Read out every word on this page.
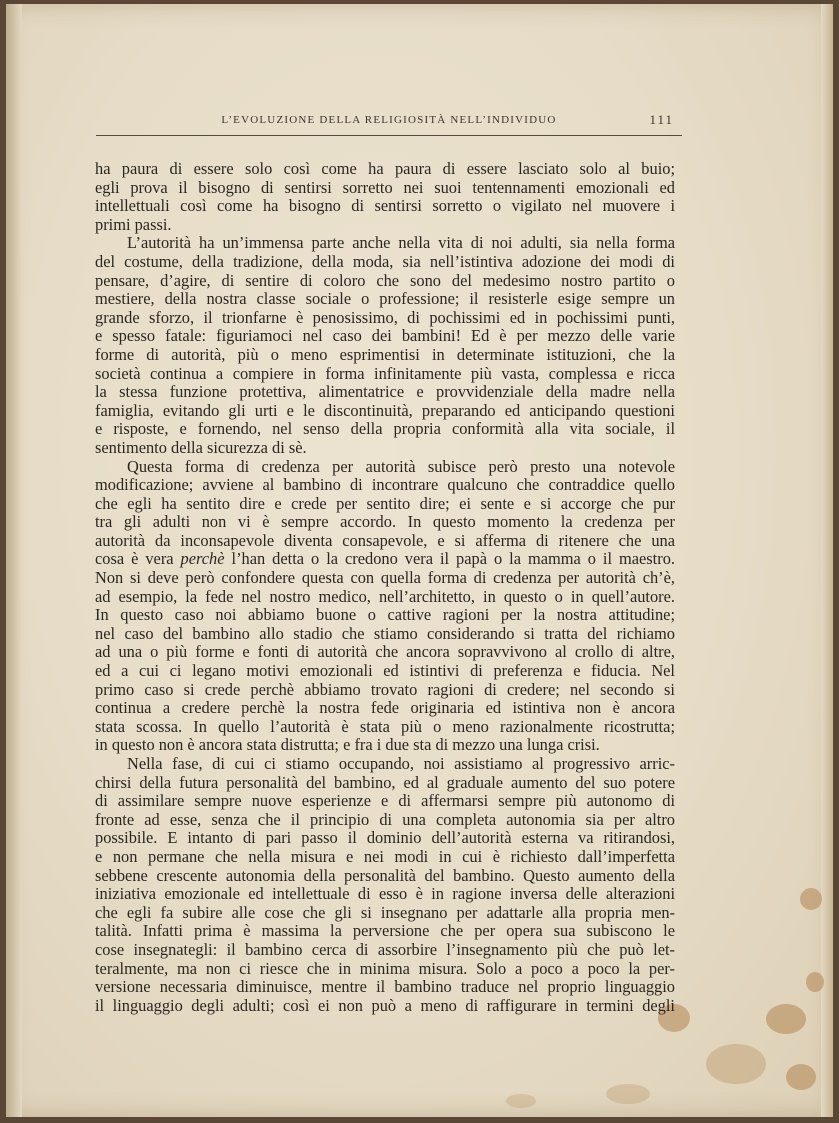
L’EVOLUZIONE DELLA RELIGIOSITÀ NELL’INDIVIDUO	111
ha paura di essere solo così come ha paura di essere lasciato solo al buio;
egli prova il bisogno di sentirsi sorretto nei suoi tentennamenti emozionali ed
intellettuali così come ha bisogno di sentirsi sorretto o vigilato nel muovere i
primi passi.
L’autorità ha un’immensa parte anche nella vita di noi adulti, sia nella forma
del costume, della tradizione, della moda, sia nell’istintiva adozione dei modi di
pensare, d’agire, di sentire di coloro che sono del medesimo nostro partito o
mestiere, della nostra classe sociale o professione; il resisterle esige sempre un
grande sforzo, il trionfarne è penosissimo, di pochissimi ed in pochissimi punti,
e spesso fatale: figuriamoci nel caso dei bambini! Ed è per mezzo delle varie
forme di autorità, più o meno esprimentisi in determinate istituzioni, che la
società continua a compiere in forma infinitamente più vasta, complessa e ricca
la stessa funzione protettiva, alimentatrice e provvidenziale della madre nella
famiglia, evitando gli urti e le discontinuità, preparando ed anticipando questioni
e risposte, e fornendo, nel senso della propria conformità alla vita sociale, il
sentimento della sicurezza di sè.
Questa forma di credenza per autorità subisce però presto una notevole
modificazione; avviene al bambino di incontrare qualcuno che contraddice quello
che egli ha sentito dire e crede per sentito dire; ei sente e si accorge che pur
tra gli adulti non vi è sempre accordo. In questo momento la credenza per
autorità da inconsapevole diventa consapevole, e si afferma di ritenere che una
cosa è vera perchè l’han detta o la credono vera il papà o la mamma o il maestro.
Non si deve però confondere questa con quella forma di credenza per autorità ch’è,
ad esempio, la fede nel nostro medico, nell’architetto, in questo o in quell’autore.
In questo caso noi abbiamo buone o cattive ragioni per la nostra attitudine;
nel caso del bambino allo stadio che stiamo considerando si tratta del richiamo
ad una o più forme e fonti di autorità che ancora sopravvivono al crollo di altre,
ed a cui ci legano motivi emozionali ed istintivi di preferenza e fiducia. Nel
primo caso si crede perchè abbiamo trovato ragioni di credere; nel secondo si
continua a credere perchè la nostra fede originaria ed istintiva non è ancora
stata scossa. In quello l’autorità è stata più o meno razionalmente ricostrutta;
in questo non è ancora stata distrutta; e fra i due sta di mezzo una lunga crisi.
Nella fase, di cui ci stiamo occupando, noi assistiamo al progressivo arric-
chirsi della futura personalità del bambino, ed al graduale aumento del suo potere
di assimilare sempre nuove esperienze e di affermarsi sempre più autonomo di
fronte ad esse, senza che il principio di una completa autonomia sia per altro
possibile. E intanto di pari passo il dominio dell’autorità esterna va ritirandosi,
e non permane che nella misura e nei modi in cui è richiesto dall’imperfetta
sebbene crescente autonomia della personalità del bambino. Questo aumento della
iniziativa emozionale ed intellettuale di esso è in ragione inversa delle alterazioni
che egli fa subire alle cose che gli si insegnano per adattarle alla propria men-
talità. Infatti prima è massima la perversione che per opera sua subiscono le
cose insegnategli: il bambino cerca di assorbire l’insegnamento più che può let-
teralmente, ma non ci riesce che in minima misura. Solo a poco a poco la per-
versione necessaria diminuisce, mentre il bambino traduce nel proprio linguaggio
il linguaggio degli adulti; così ei non può a meno di raffigurare in termini degli
